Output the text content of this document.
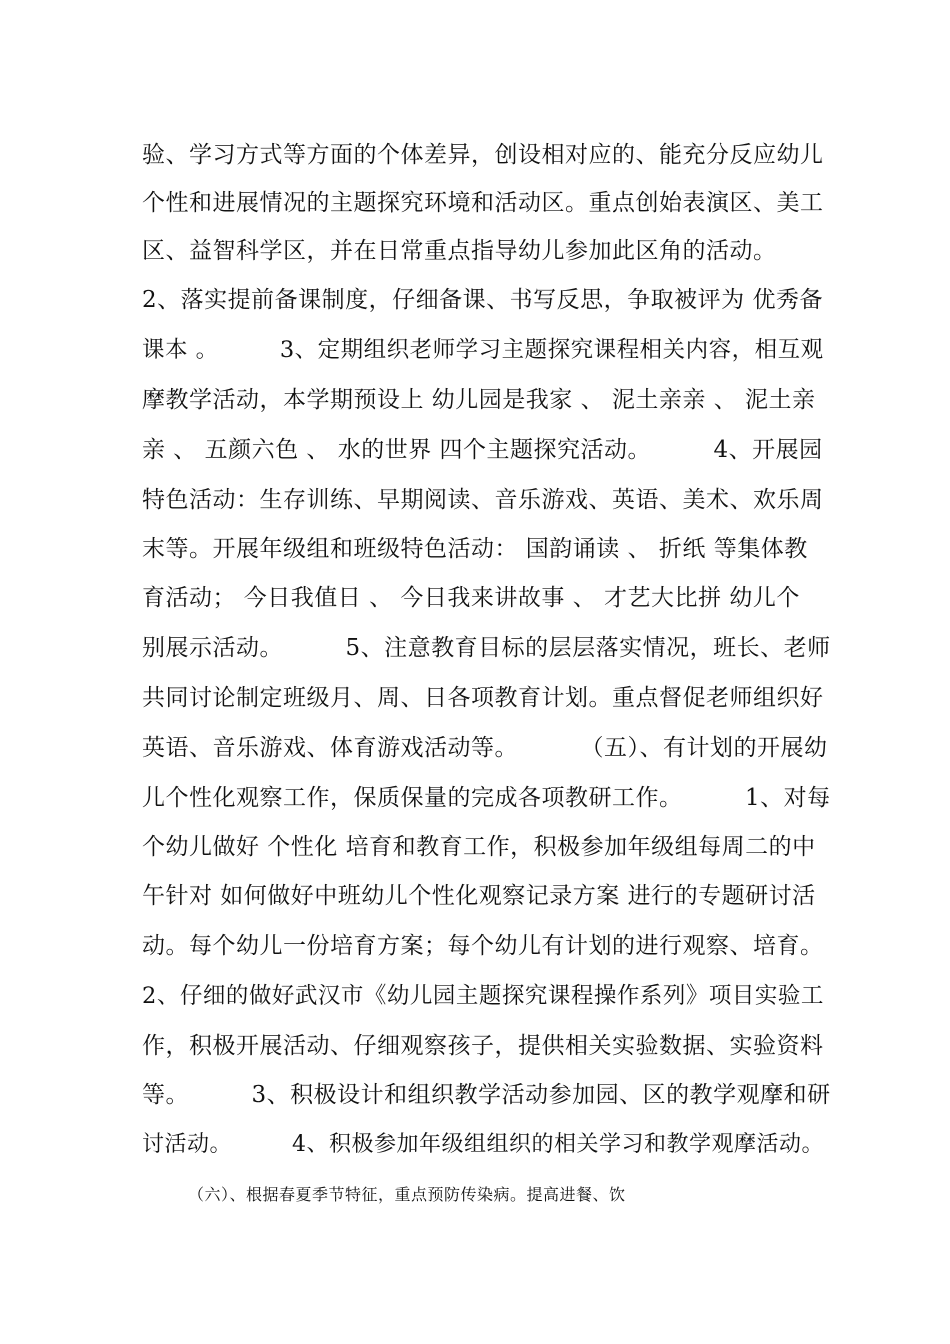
验、学习方式等方面的个体差异，创设相对应的、能充分反应幼儿
个性和进展情况的主题探究环境和活动区。重点创始表演区、美工
区、益智科学区，并在日常重点指导幼儿参加此区角的活动。
2、落实提前备课制度，仔细备课、书写反思，争取被评为 优秀备
课本 。        3、定期组织老师学习主题探究课程相关内容，相互观
摩教学活动，本学期预设上 幼儿园是我家 、 泥土亲亲 、 泥土亲
亲 、 五颜六色 、 水的世界 四个主题探究活动。        4、开展园
特色活动：生存训练、早期阅读、音乐游戏、英语、美术、欢乐周
末等。开展年级组和班级特色活动： 国韵诵读 、 折纸 等集体教
育活动； 今日我值日 、 今日我来讲故事 、 才艺大比拼 幼儿个
别展示活动。        5、注意教育目标的层层落实情况，班长、老师
共同讨论制定班级月、周、日各项教育计划。重点督促老师组织好
英语、音乐游戏、体育游戏活动等。        （五）、有计划的开展幼
儿个性化观察工作，保质保量的完成各项教研工作。        1、对每
个幼儿做好 个性化 培育和教育工作，积极参加年级组每周二的中
午针对 如何做好中班幼儿个性化观察记录方案 进行的专题研讨活
动。每个幼儿一份培育方案；每个幼儿有计划的进行观察、培育。
2、仔细的做好武汉市《幼儿园主题探究课程操作系列》项目实验工
作，积极开展活动、仔细观察孩子，提供相关实验数据、实验资料
等。        3、积极设计和组织教学活动参加园、区的教学观摩和研
讨活动。        4、积极参加年级组组织的相关学习和教学观摩活动。
（六）、根据春夏季节特征，重点预防传染病。提高进餐、饮
